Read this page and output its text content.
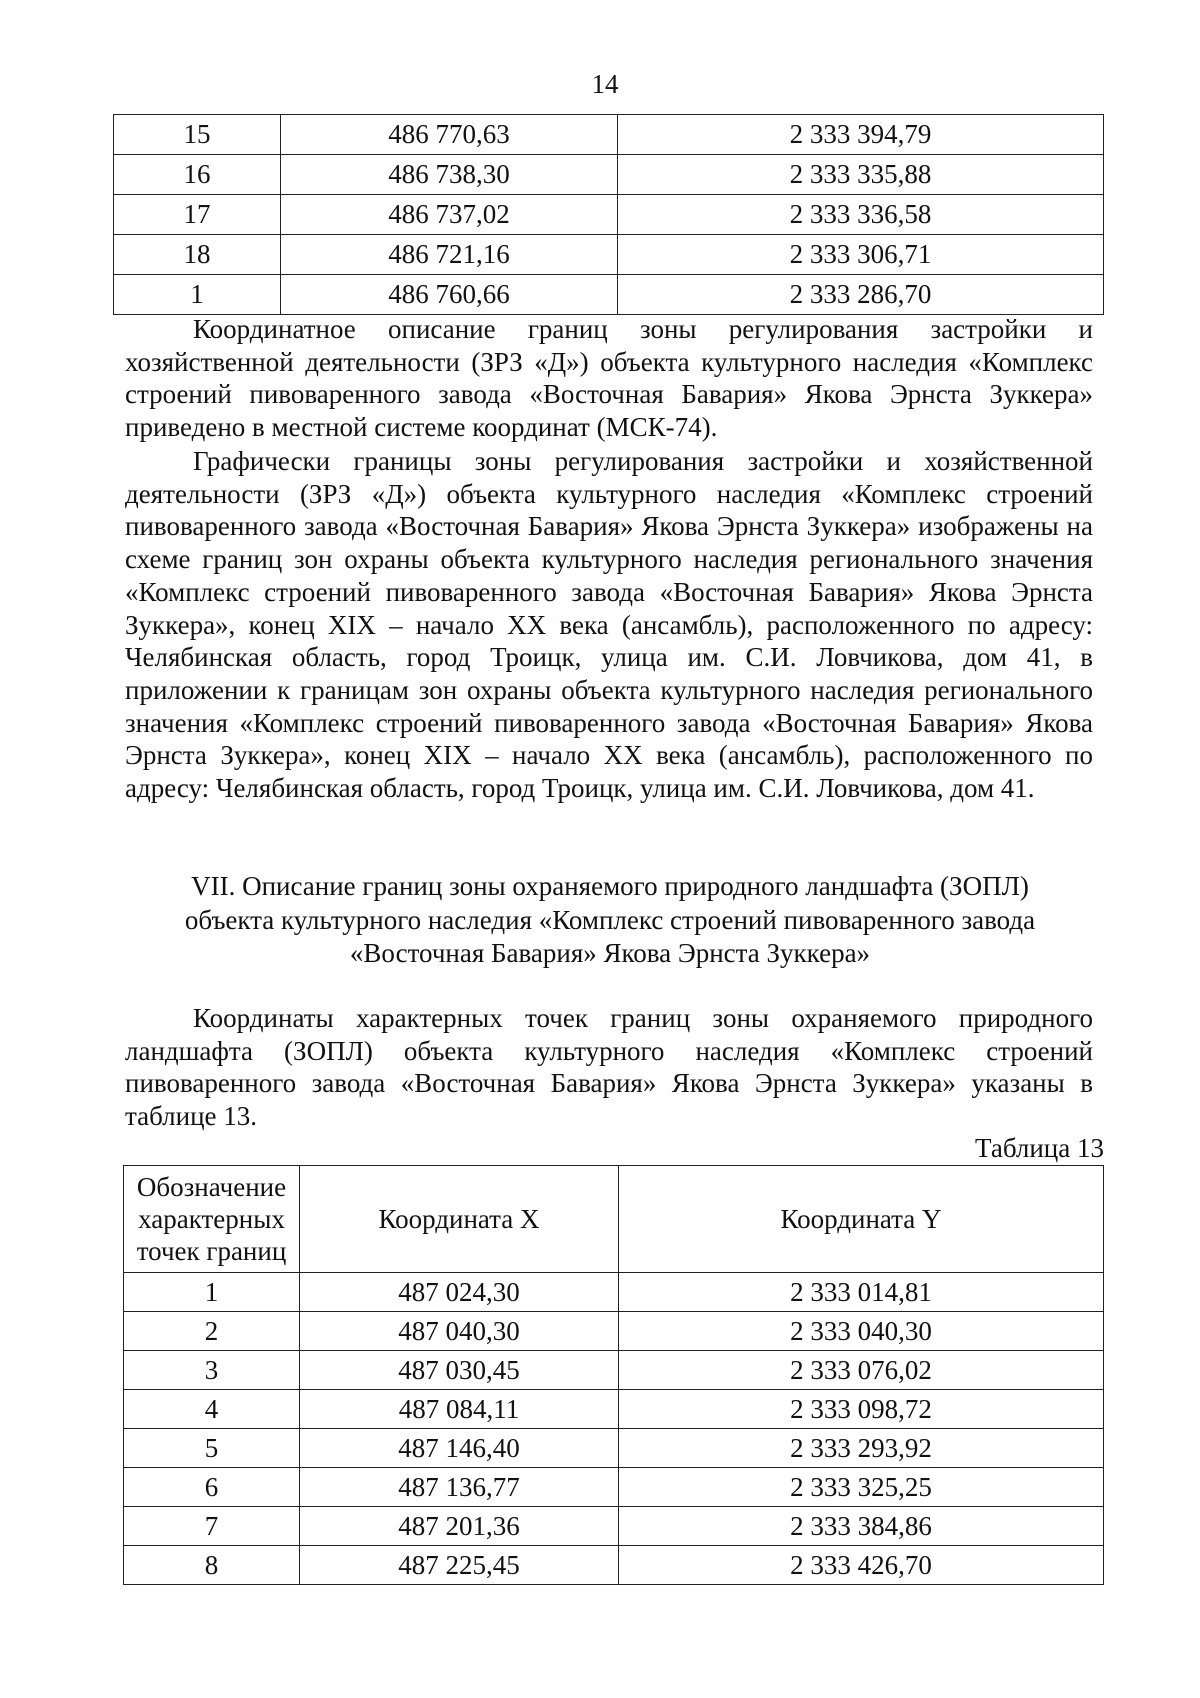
14
15	486 770,63	2 333 394,79
16	486 738,30	2 333 335,88
17	486 737,02	2 333 336,58
18	486 721,16	2 333 306,71
1	486 760,66	2 333 286,70

Координатное описание границ зоны регулирования застройки и хозяйственной деятельности (ЗРЗ «Д») объекта культурного наследия «Комплекс строений пивоваренного завода «Восточная Бавария» Якова Эрнста Зуккера» приведено в местной системе координат (МСК-74).

Графически границы зоны регулирования застройки и хозяйственной деятельности (ЗРЗ «Д») объекта культурного наследия «Комплекс строений пивоваренного завода «Восточная Бавария» Якова Эрнста Зуккера» изображены на схеме границ зон охраны объекта культурного наследия регионального значения «Комплекс строений пивоваренного завода «Восточная Бавария» Якова Эрнста Зуккера», конец XIX – начало XX века (ансамбль), расположенного по адресу: Челябинская область, город Троицк, улица им. С.И. Ловчикова, дом 41, в приложении к границам зон охраны объекта культурного наследия регионального значения «Комплекс строений пивоваренного завода «Восточная Бавария» Якова Эрнста Зуккера», конец XIX – начало XX века (ансамбль), расположенного по адресу: Челябинская область, город Троицк, улица им. С.И. Ловчикова, дом 41.

VII. Описание границ зоны охраняемого природного ландшафта (ЗОПЛ)
объекта культурного наследия «Комплекс строений пивоваренного завода
«Восточная Бавария» Якова Эрнста Зуккера»

Координаты характерных точек границ зоны охраняемого природного ландшафта (ЗОПЛ) объекта культурного наследия «Комплекс строений пивоваренного завода «Восточная Бавария» Якова Эрнста Зуккера» указаны в таблице 13.

Таблица 13
Обозначение
характерных
точек границ	Координата X	Координата Y
1	487 024,30	2 333 014,81
2	487 040,30	2 333 040,30
3	487 030,45	2 333 076,02
4	487 084,11	2 333 098,72
5	487 146,40	2 333 293,92
6	487 136,77	2 333 325,25
7	487 201,36	2 333 384,86
8	487 225,45	2 333 426,70
